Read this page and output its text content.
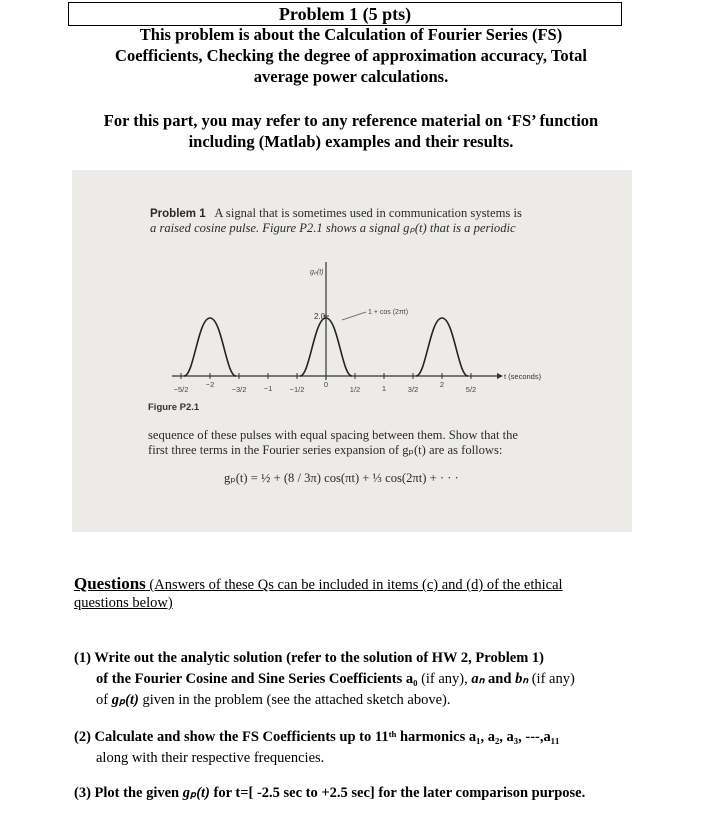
Problem 1 (5 pts)
This problem is about the Calculation of Fourier Series (FS)
Coefficients, Checking the degree of approximation accuracy, Total
average power calculations.
For this part, you may refer to any reference material on ‘FS’ function
including (Matlab) examples and their results.
Problem 1 A signal that is sometimes used in communication systems is
a raised cosine pulse. Figure P2.1 shows a signal gₚ(t) that is a periodic
gₚ(t)
2.0	1 + cos (2πt)
t (seconds)
−5/2
−2
−3/2 −1 −1/2
0
1/2	1	3/2
2
5/2
Figure P2.1
sequence of these pulses with equal spacing between them. Show that the
first three terms in the Fourier series expansion of gₚ(t) are as follows:
gₚ(t) = ½ + (8 / 3π) cos(πt) + ⅓ cos(2πt) + · · ·
Questions (Answers of these Qs can be included in items (c) and (d) of the ethical questions below)
(1) Write out the analytic solution (refer to the solution of HW 2, Problem 1)
of the Fourier Cosine and Sine Series Coefficients a₀ (if any), aₙ and bₙ (if any)
of gₚ(t) given in the problem (see the attached sketch above).
(2) Calculate and show the FS Coefficients up to 11ᵗʰ harmonics a₁, a₂, a₃, ---,a₁₁
along with their respective frequencies.
(3) Plot the given gₚ(t) for t=[ -2.5 sec to +2.5 sec] for the later comparison purpose.
